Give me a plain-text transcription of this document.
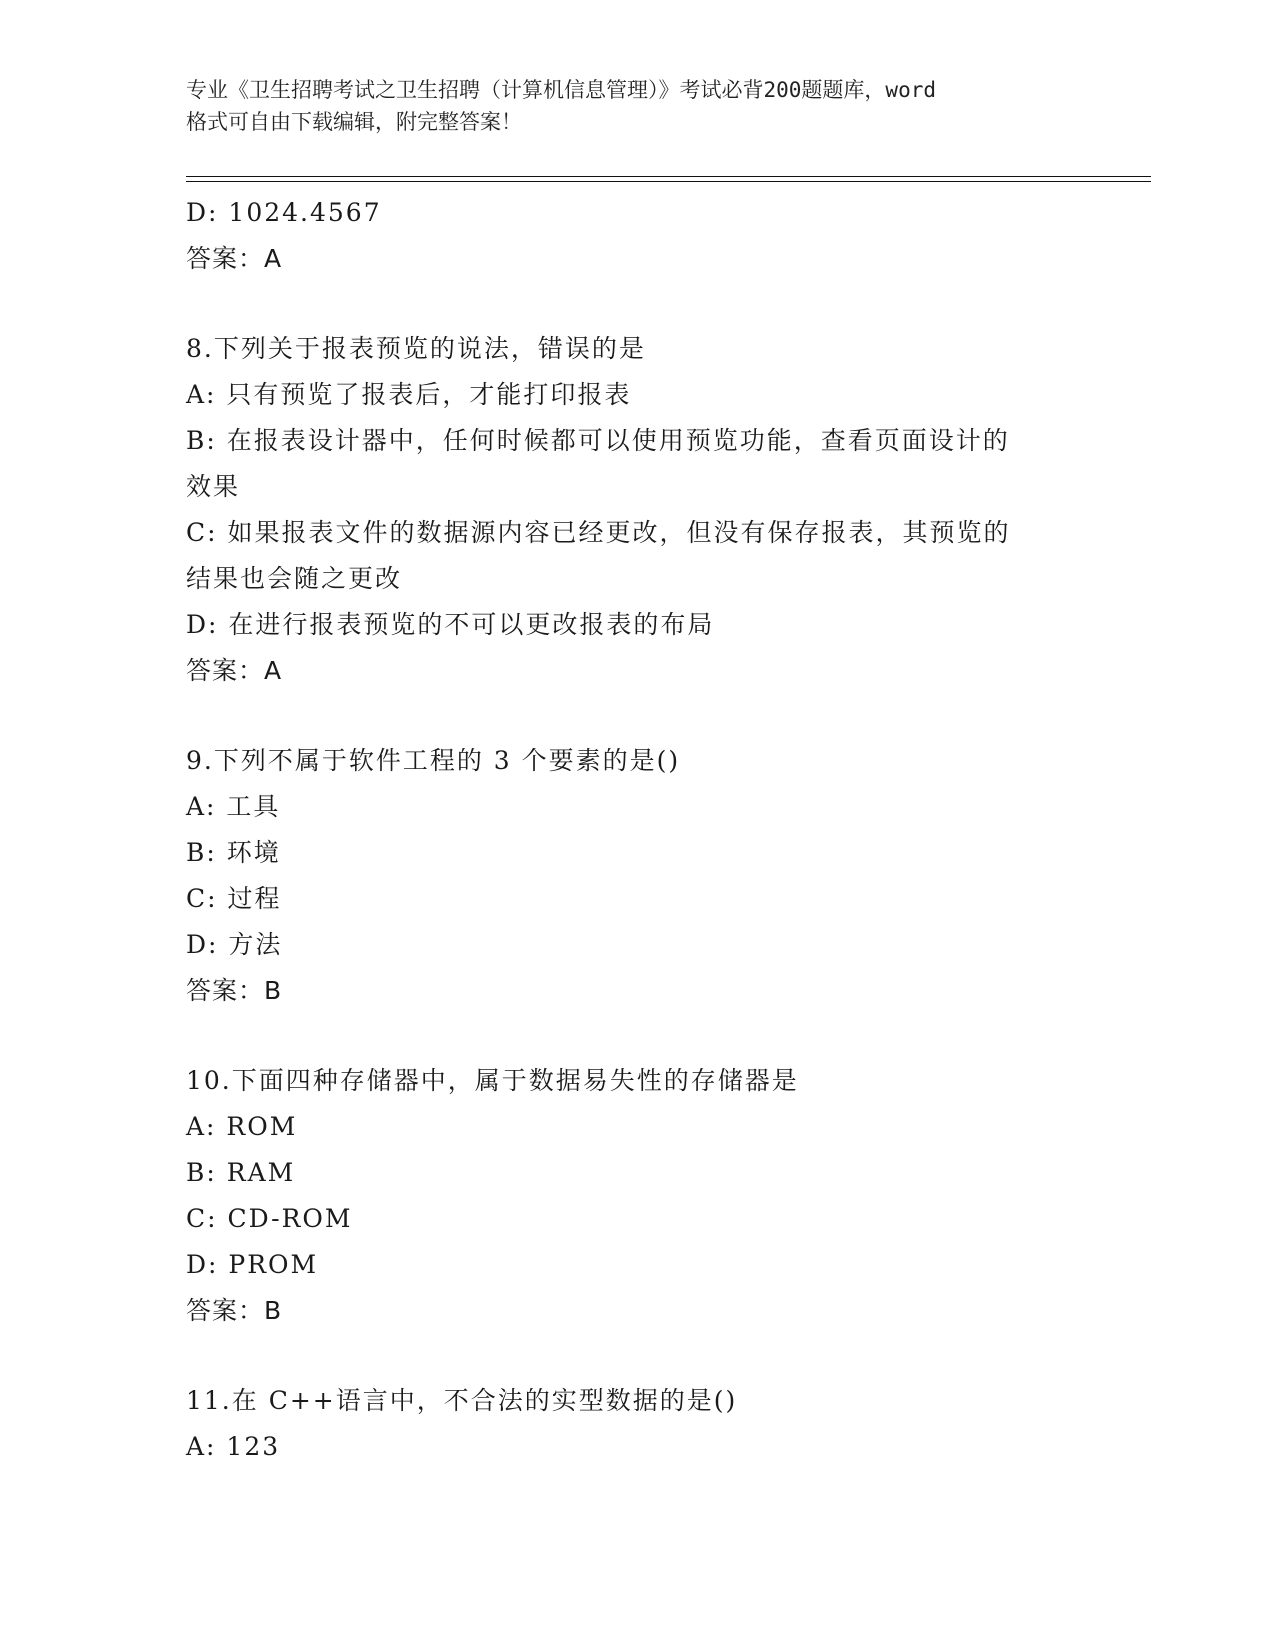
专业《卫生招聘考试之卫生招聘（计算机信息管理）》考试必背200题题库，word
格式可自由下载编辑，附完整答案！
D: 1024.4567
答案：A
8.下列关于报表预览的说法，错误的是
A: 只有预览了报表后，才能打印报表
B: 在报表设计器中，任何时候都可以使用预览功能，查看页面设计的
效果
C: 如果报表文件的数据源内容已经更改，但没有保存报表，其预览的
结果也会随之更改
D: 在进行报表预览的不可以更改报表的布局
答案：A
9.下列不属于软件工程的 3 个要素的是()
A: 工具
B: 环境
C: 过程
D: 方法
答案：B
10.下面四种存储器中，属于数据易失性的存储器是
A: ROM
B: RAM
C: CD-ROM
D: PROM
答案：B
11.在 C++语言中，不合法的实型数据的是()
A: 123
